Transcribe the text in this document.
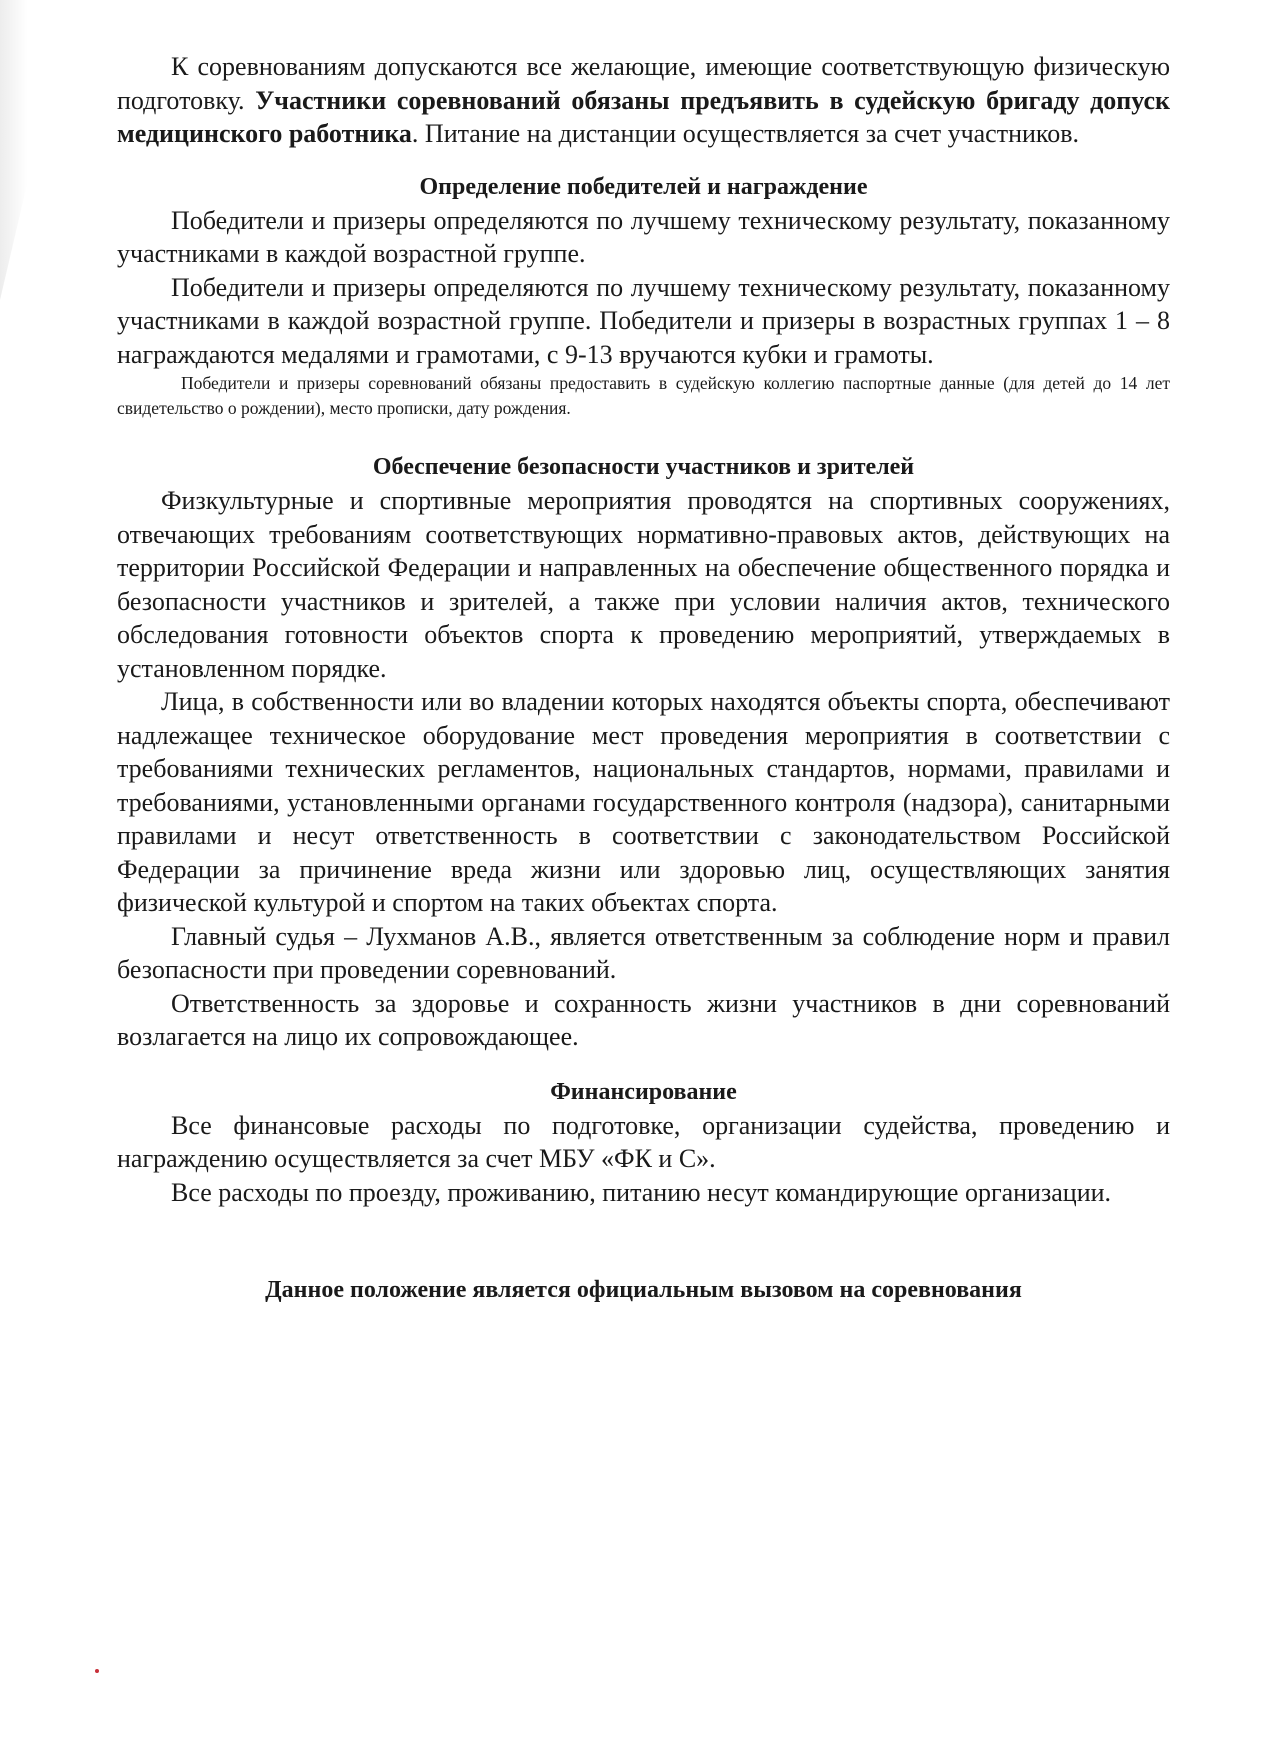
К соревнованиям допускаются все желающие, имеющие соответствующую физическую подготовку. Участники соревнований обязаны предъявить в судейскую бригаду допуск медицинского работника. Питание на дистанции осуществляется за счет участников.

Определение победителей и награждение

Победители и призеры определяются по лучшему техническому результату, показанному участниками в каждой возрастной группе.

Победители и призеры определяются по лучшему техническому результату, показанному участниками в каждой возрастной группе. Победители и призеры в возрастных группах 1 – 8 награждаются медалями и грамотами, с 9-13 вручаются кубки и грамоты.

Победители и призеры соревнований обязаны предоставить в судейскую коллегию паспортные данные (для детей до 14 лет свидетельство о рождении), место прописки, дату рождения.

Обеспечение безопасности участников и зрителей

Физкультурные и спортивные мероприятия проводятся на спортивных сооружениях, отвечающих требованиям соответствующих нормативно-правовых актов, действующих на территории Российской Федерации и направленных на обеспечение общественного порядка и безопасности участников и зрителей, а также при условии наличия актов, технического обследования готовности объектов спорта к проведению мероприятий, утверждаемых в установленном порядке.

Лица, в собственности или во владении которых находятся объекты спорта, обеспечивают надлежащее техническое оборудование мест проведения мероприятия в соответствии с требованиями технических регламентов, национальных стандартов, нормами, правилами и требованиями, установленными органами государственного контроля (надзора), санитарными правилами и несут ответственность в соответствии с законодательством Российской Федерации за причинение вреда жизни или здоровью лиц, осуществляющих занятия физической культурой и спортом на таких объектах спорта.

Главный судья – Лухманов А.В., является ответственным за соблюдение норм и правил безопасности при проведении соревнований.

Ответственность за здоровье и сохранность жизни участников в дни соревнований возлагается на лицо их сопровождающее.

Финансирование

Все финансовые расходы по подготовке, организации судейства, проведению и награждению осуществляется за счет МБУ «ФК и С».

Все расходы по проезду, проживанию, питанию несут командирующие организации.

Данное положение является официальным вызовом на соревнования
